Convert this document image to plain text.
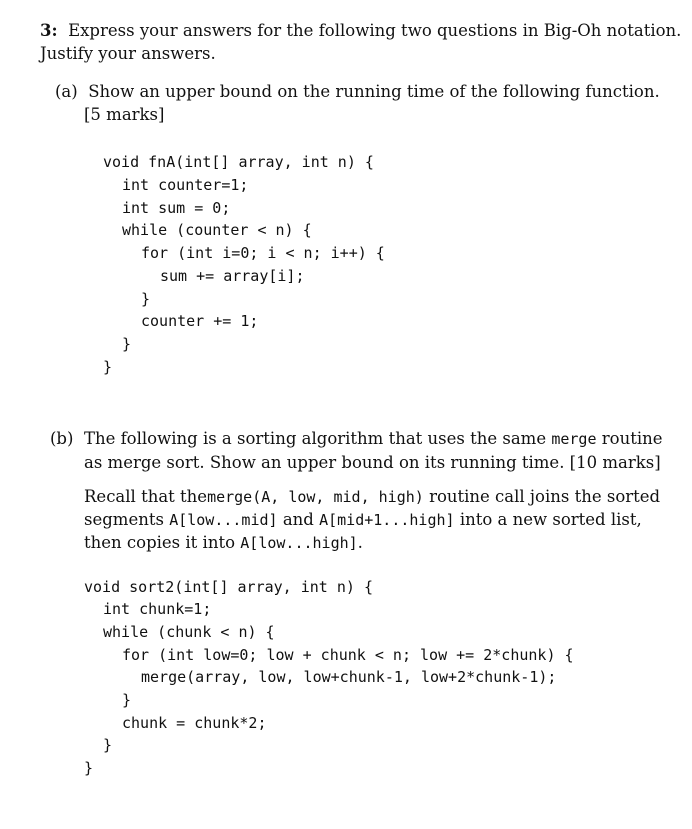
3: Express your answers for the following two questions in Big-Oh notation.
Justify your answers.
(a) Show an upper bound on the running time of the following function.
[5 marks]
void fnA(int[] array, int n) {
int counter=1;
int sum = 0;
while (counter < n) {
for (int i=0; i < n; i++) {
sum += array[i];
}
counter += 1;
}
}
(b) The following is a sorting algorithm that uses the same merge routine
as merge sort. Show an upper bound on its running time. [10 marks]
Recall that themerge(A, low, mid, high) routine call joins the sorted
segments A[low...mid] and A[mid+1...high] into a new sorted list,
then copies it into A[low...high].
void sort2(int[] array, int n) {
int chunk=1;
while (chunk < n) {
for (int low=0; low + chunk < n; low += 2*chunk) {
merge(array, low, low+chunk-1, low+2*chunk-1);
}
chunk = chunk*2;
}
}
